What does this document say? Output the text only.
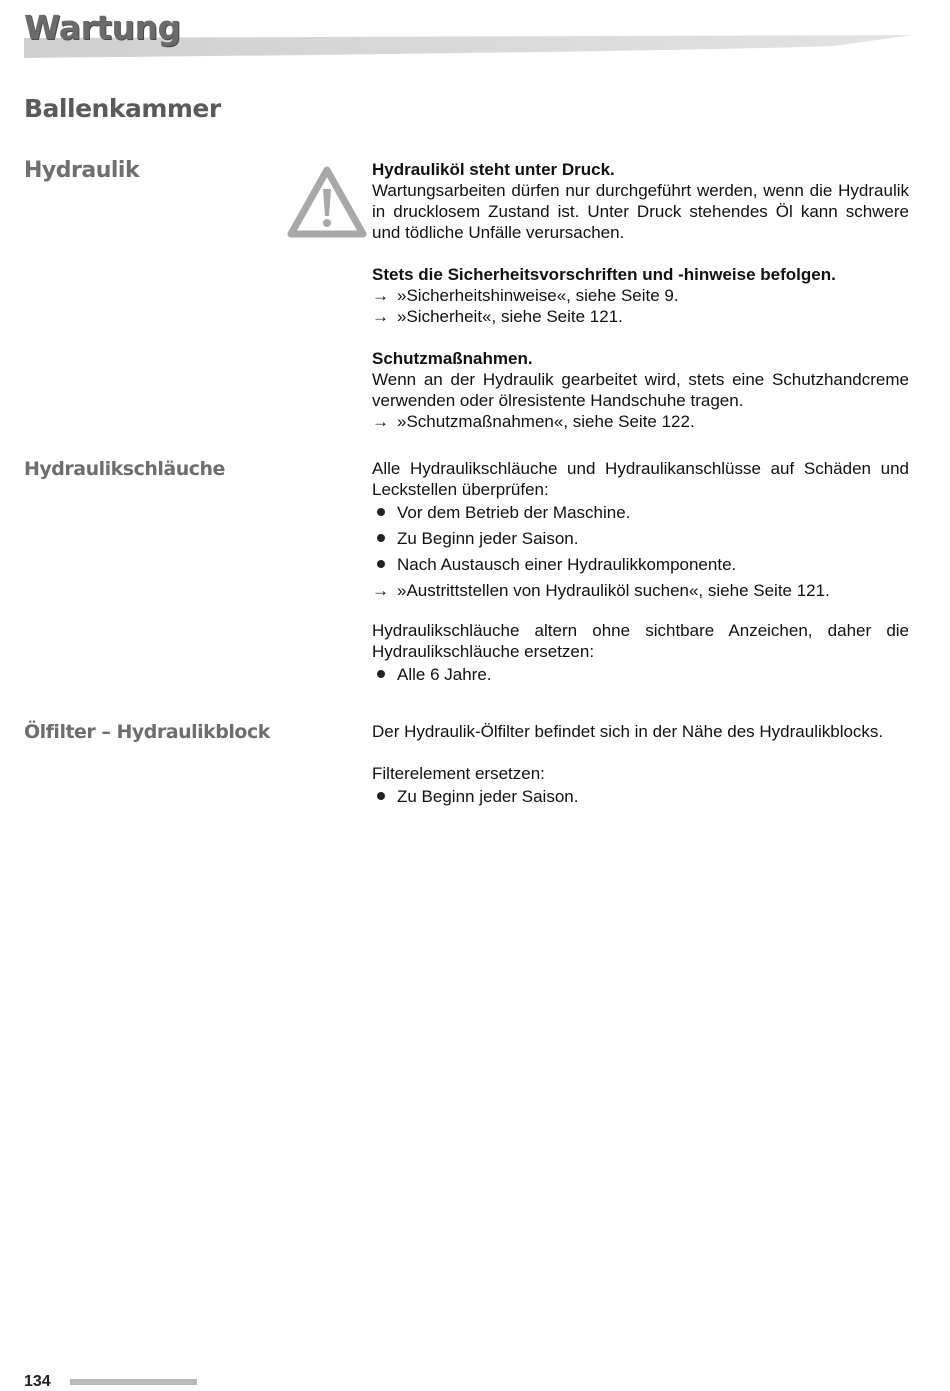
Wartung
Ballenkammer
Hydraulik	Hydrauliköl steht unter Druck.

Wartungsarbeiten dürfen nur durchgeführt werden, wenn die Hydraulik in drucklosem Zustand ist. Unter Druck stehendes Öl kann schwere und tödliche Unfälle verursachen.

Stets die Sicherheitsvorschriften und -hinweise befolgen.

→ »Sicherheitshinweise«, siehe Seite 9.

→ »Sicherheit«, siehe Seite 121.

Schutzmaßnahmen.

Wenn an der Hydraulik gearbeitet wird, stets eine Schutzhandcreme verwenden oder ölresistente Handschuhe tragen.

→ »Schutzmaßnahmen«, siehe Seite 122.

Hydraulikschläuche	Alle Hydraulikschläuche und Hydraulikanschlüsse auf Schäden und Leckstellen überprüfen:

Vor dem Betrieb der Maschine.
Zu Beginn jeder Saison.
Nach Austausch einer Hydraulikkomponente.

→ »Austrittstellen von Hydrauliköl suchen«, siehe Seite 121.

Hydraulikschläuche altern ohne sichtbare Anzeichen, daher die Hydraulikschläuche ersetzen:

Alle 6 Jahre.
Ölfilter – Hydraulikblock	Der Hydraulik-Ölfilter befindet sich in der Nähe des Hydraulikblocks.

Filterelement ersetzen:

Zu Beginn jeder Saison.
134
